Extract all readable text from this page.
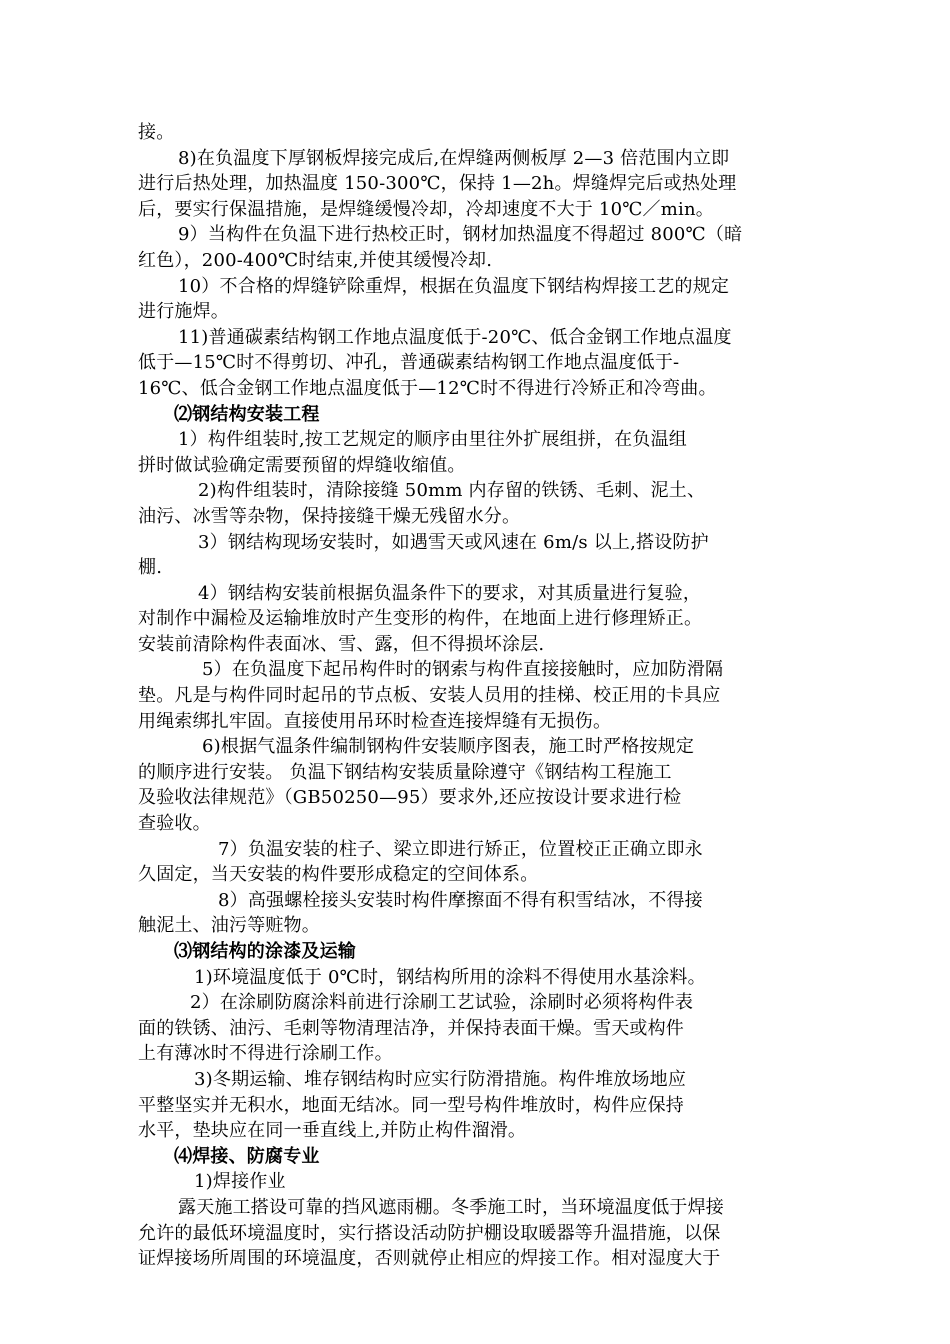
接。
8)在负温度下厚钢板焊接完成后,在焊缝两侧板厚 2—3 倍范围内立即
进行后热处理，加热温度 150-300℃，保持 1—2h。焊缝焊完后或热处理
后，要实行保温措施，是焊缝缓慢冷却，冷却速度不大于 10℃／min。
9）当构件在负温下进行热校正时，钢材加热温度不得超过 800℃（暗
红色），200-400℃时结束,并使其缓慢冷却.
10）不合格的焊缝铲除重焊，根据在负温度下钢结构焊接工艺的规定
进行施焊。
11)普通碳素结构钢工作地点温度低于-20℃、低合金钢工作地点温度
低于—15℃时不得剪切、冲孔，普通碳素结构钢工作地点温度低于-
16℃、低合金钢工作地点温度低于—12℃时不得进行冷矫正和冷弯曲。
⑵钢结构安装工程
1）构件组装时,按工艺规定的顺序由里往外扩展组拼，在负温组
拼时做试验确定需要预留的焊缝收缩值。
2)构件组装时，清除接缝 50mm 内存留的铁锈、毛刺、泥土、
油污、冰雪等杂物，保持接缝干燥无残留水分。
3）钢结构现场安装时，如遇雪天或风速在 6m/s 以上,搭设防护
棚.
4）钢结构安装前根据负温条件下的要求，对其质量进行复验，
对制作中漏检及运输堆放时产生变形的构件，在地面上进行修理矫正。
安装前清除构件表面冰、雪、露，但不得损坏涂层.
5）在负温度下起吊构件时的钢索与构件直接接触时，应加防滑隔
垫。凡是与构件同时起吊的节点板、安装人员用的挂梯、校正用的卡具应
用绳索绑扎牢固。直接使用吊环时检查连接焊缝有无损伤。
6)根据气温条件编制钢构件安装顺序图表，施工时严格按规定
的顺序进行安装。 负温下钢结构安装质量除遵守《钢结构工程施工
及验收法律规范》（GB50250—95）要求外,还应按设计要求进行检
查验收。
7）负温安装的柱子、梁立即进行矫正，位置校正正确立即永
久固定，当天安装的构件要形成稳定的空间体系。
8）高强螺栓接头安装时构件摩擦面不得有积雪结冰，不得接
触泥土、油污等赃物。
⑶钢结构的涂漆及运输
1)环境温度低于 0℃时，钢结构所用的涂料不得使用水基涂料。
2）在涂刷防腐涂料前进行涂刷工艺试验，涂刷时必须将构件表
面的铁锈、油污、毛刺等物清理洁净，并保持表面干燥。雪天或构件
上有薄冰时不得进行涂刷工作。
3)冬期运输、堆存钢结构时应实行防滑措施。构件堆放场地应
平整坚实并无积水，地面无结冰。同一型号构件堆放时，构件应保持
水平，垫块应在同一垂直线上,并防止构件溜滑。
⑷焊接、防腐专业
1)焊接作业
露天施工搭设可靠的挡风遮雨棚。冬季施工时，当环境温度低于焊接
允许的最低环境温度时，实行搭设活动防护棚设取暖器等升温措施，以保
证焊接场所周围的环境温度，否则就停止相应的焊接工作。相对湿度大于
